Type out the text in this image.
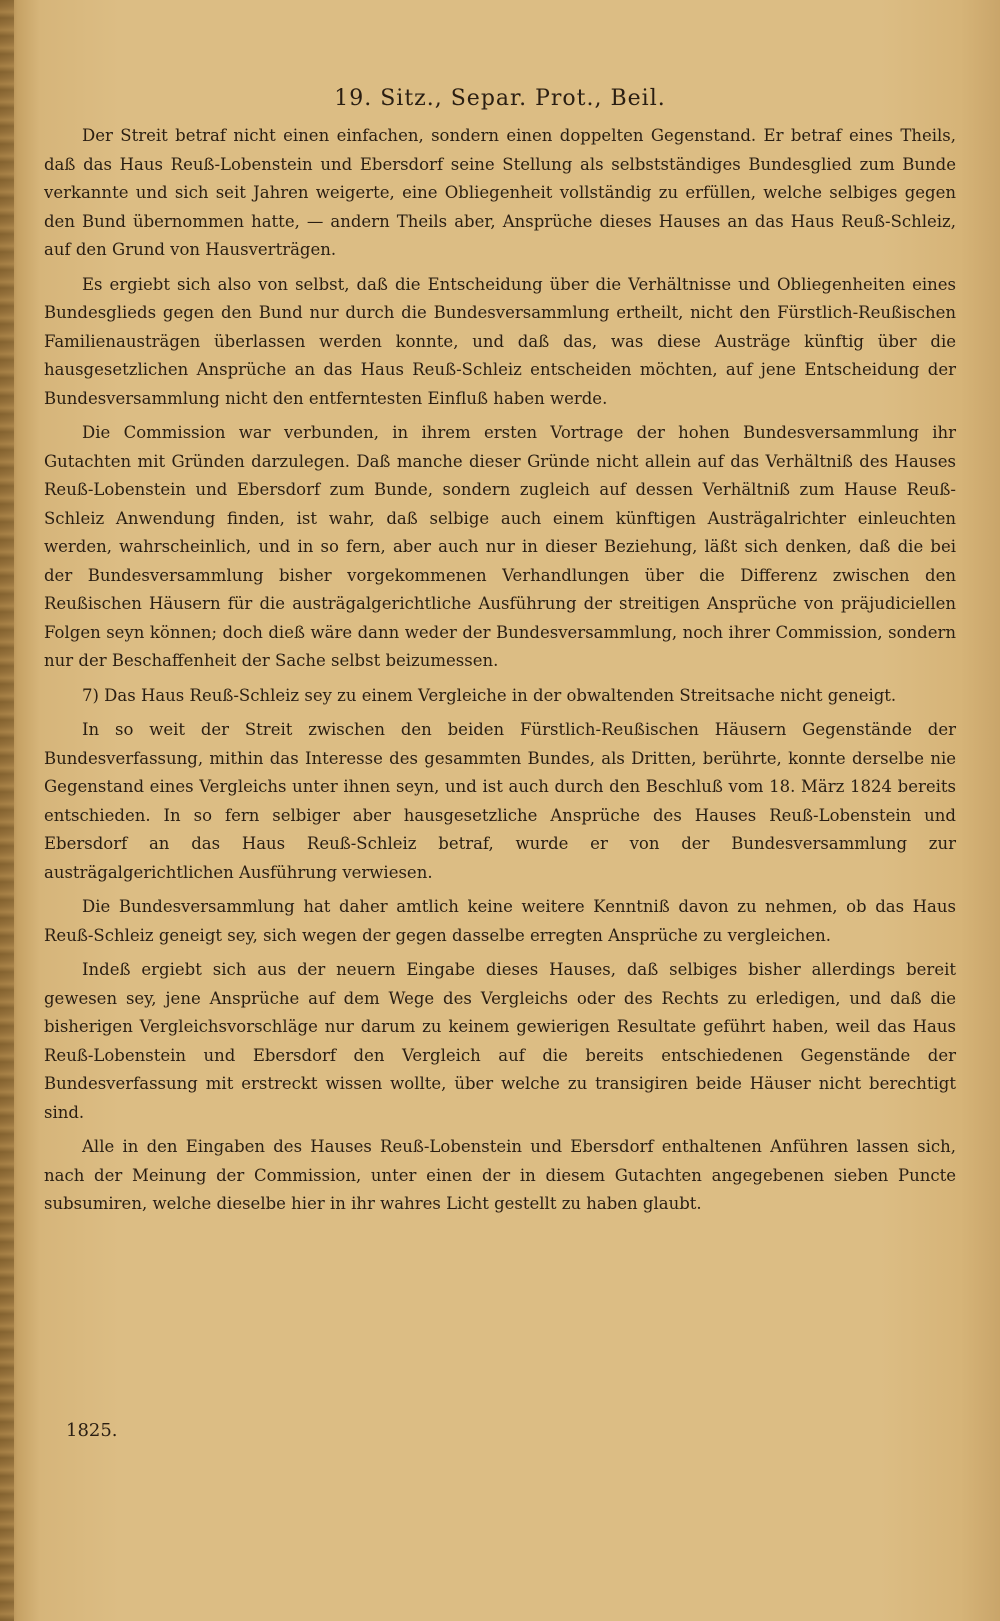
19. Sitz., Separ. Prot., Beil.

Der Streit betraf nicht einen einfachen, sondern einen doppelten Gegenstand. Er betraf eines Theils, daß das Haus Reuß-Lobenstein und Ebersdorf seine Stellung als selbstständiges Bundesglied zum Bunde verkannte und sich seit Jahren weigerte, eine Obliegenheit vollständig zu erfüllen, welche selbiges gegen den Bund übernommen hatte, — andern Theils aber, Ansprüche dieses Hauses an das Haus Reuß-Schleiz, auf den Grund von Hausverträgen.

Es ergiebt sich also von selbst, daß die Entscheidung über die Verhältnisse und Obliegenheiten eines Bundesglieds gegen den Bund nur durch die Bundesversammlung ertheilt, nicht den Fürstlich-Reußischen Familienausträgen überlassen werden konnte, und daß das, was diese Austräge künftig über die hausgesetzlichen Ansprüche an das Haus Reuß-Schleiz entscheiden möchten, auf jene Entscheidung der Bundesversammlung nicht den entferntesten Einfluß haben werde.

Die Commission war verbunden, in ihrem ersten Vortrage der hohen Bundesversammlung ihr Gutachten mit Gründen darzulegen. Daß manche dieser Gründe nicht allein auf das Verhältniß des Hauses Reuß-Lobenstein und Ebersdorf zum Bunde, sondern zugleich auf dessen Verhältniß zum Hause Reuß-Schleiz Anwendung finden, ist wahr, daß selbige auch einem künftigen Austrägalrichter einleuchten werden, wahrscheinlich, und in so fern, aber auch nur in dieser Beziehung, läßt sich denken, daß die bei der Bundesversammlung bisher vorgekommenen Verhandlungen über die Differenz zwischen den Reußischen Häusern für die austrägalgerichtliche Ausführung der streitigen Ansprüche von präjudiciellen Folgen seyn können; doch dieß wäre dann weder der Bundesversammlung, noch ihrer Commission, sondern nur der Beschaffenheit der Sache selbst beizumessen.

7) Das Haus Reuß-Schleiz sey zu einem Vergleiche in der obwaltenden Streitsache nicht geneigt.

In so weit der Streit zwischen den beiden Fürstlich-Reußischen Häusern Gegenstände der Bundesverfassung, mithin das Interesse des gesammten Bundes, als Dritten, berührte, konnte derselbe nie Gegenstand eines Vergleichs unter ihnen seyn, und ist auch durch den Beschluß vom 18. März 1824 bereits entschieden. In so fern selbiger aber hausgesetzliche Ansprüche des Hauses Reuß-Lobenstein und Ebersdorf an das Haus Reuß-Schleiz betraf, wurde er von der Bundesversammlung zur austrägalgerichtlichen Ausführung verwiesen.

Die Bundesversammlung hat daher amtlich keine weitere Kenntniß davon zu nehmen, ob das Haus Reuß-Schleiz geneigt sey, sich wegen der gegen dasselbe erregten Ansprüche zu vergleichen.

Indeß ergiebt sich aus der neuern Eingabe dieses Hauses, daß selbiges bisher allerdings bereit gewesen sey, jene Ansprüche auf dem Wege des Vergleichs oder des Rechts zu erledigen, und daß die bisherigen Vergleichsvorschläge nur darum zu keinem gewierigen Resultate geführt haben, weil das Haus Reuß-Lobenstein und Ebersdorf den Vergleich auf die bereits entschiedenen Gegenstände der Bundesverfassung mit erstreckt wissen wollte, über welche zu transigiren beide Häuser nicht berechtigt sind.

Alle in den Eingaben des Hauses Reuß-Lobenstein und Ebersdorf enthaltenen Anführen lassen sich, nach der Meinung der Commission, unter einen der in diesem Gutachten angegebenen sieben Puncte subsumiren, welche dieselbe hier in ihr wahres Licht gestellt zu haben glaubt.

1825.
